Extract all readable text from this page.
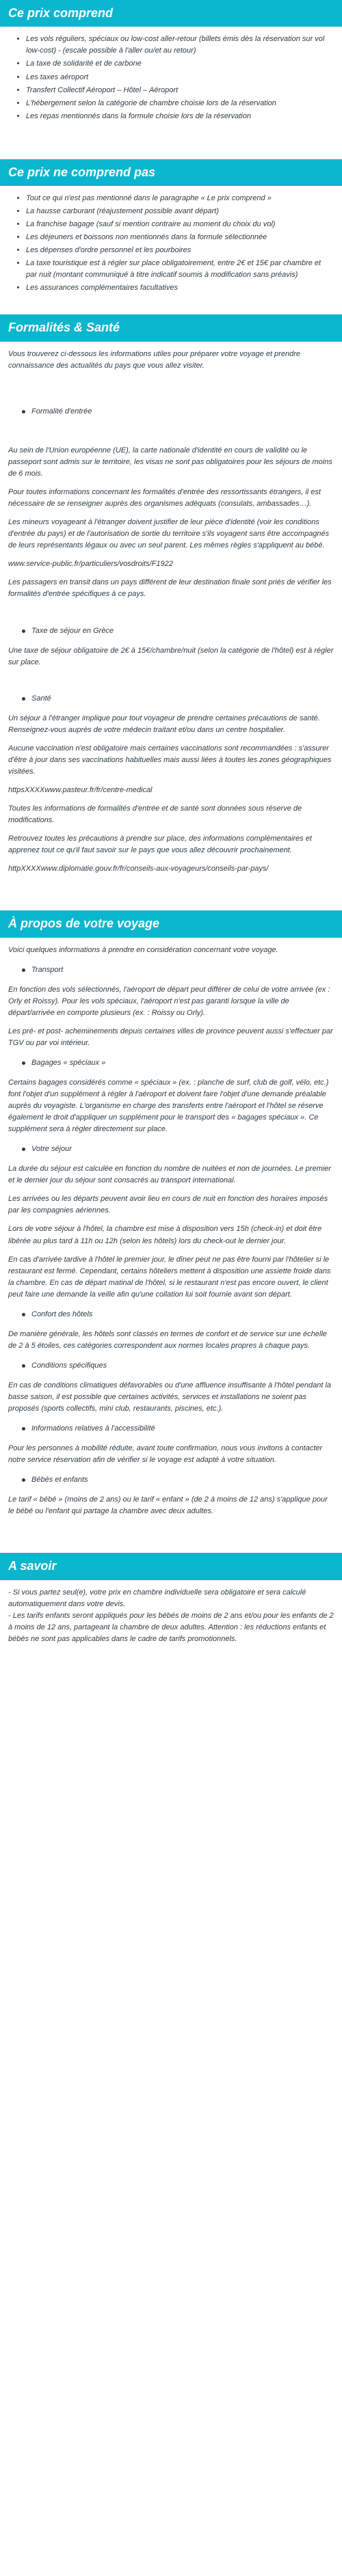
Ce prix comprend
• Les vols réguliers, spéciaux ou low-cost aller-retour (billets émis dès la réservation sur vol low-cost) - (escale possible à l'aller ou/et au retour)
• La taxe de solidarité et de carbone
• Les taxes aéroport
• Transfert Collectif Aéroport – Hôtel – Aéroport
• L'hébergement selon la catégorie de chambre choisie lors de la réservation
• Les repas mentionnés dans la formule choisie lors de la réservation
Ce prix ne comprend pas
• Tout ce qui n'est pas mentionné dans le paragraphe « Le prix comprend »
• La hausse carburant (réajustement possible avant départ)
• La franchise bagage (sauf si mention contraire au moment du choix du vol)
• Les déjeuners et boissons non mentionnés dans la formule sélectionnée
• Les dépenses d'ordre personnel et les pourboires
• La taxe touristique est à régler sur place obligatoirement, entre 2€ et 15€ par chambre et par nuit (montant communiqué à titre indicatif soumis à modification sans préavis)
• Les assurances complémentaires facultatives
Formalités & Santé

Vous trouverez ci-dessous les informations utiles pour préparer votre voyage et prendre connaissance des actualités du pays que vous allez visiter.

Formalité d'entrée

Au sein de l'Union européenne (UE), la carte nationale d'identité en cours de validité ou le passeport sont admis sur le territoire, les visas ne sont pas obligatoires pour les séjours de moins de 6 mois.

Pour toutes informations concernant les formalités d'entrée des ressortissants étrangers, il est nécessaire de se renseigner auprès des organismes adéquats (consulats, ambassades…).

Les mineurs voyageant à l'étranger doivent justifier de leur pièce d'identité (voir les conditions d'entrée du pays) et de l'autorisation de sortie du territoire s'ils voyagent sans être accompagnés de leurs représentants légaux ou avec un seul parent. Les mêmes règles s'appliquent au bébé.

www.service-public.fr/particuliers/vosdroits/F1922

Les passagers en transit dans un pays différent de leur destination finale sont priés de vérifier les formalités d'entrée spécifiques à ce pays.

Taxe de séjour en Grèce

Une taxe de séjour obligatoire de 2€ à 15€/chambre/nuit (selon la catégorie de l'hôtel) est à régler sur place.

Santé

Un séjour à l'étranger implique pour tout voyageur de prendre certaines précautions de santé. Renseignez-vous auprès de votre médecin traitant et/ou dans un centre hospitalier.

Aucune vaccination n'est obligatoire mais certaines vaccinations sont recommandées : s'assurer d'être à jour dans ses vaccinations habituelles mais aussi liées à toutes les zones géographiques visitées.

httpsXXXXwww.pasteur.fr/fr/centre-medical

Toutes les informations de formalités d'entrée et de santé sont données sous réserve de modifications.

Retrouvez toutes les précautions à prendre sur place, des informations complémentaires et apprenez tout ce qu'il faut savoir sur le pays que vous allez découvrir prochainement.

httpXXXXwww.diplomatie.gouv.fr/fr/conseils-aux-voyageurs/conseils-par-pays/

À propos de votre voyage

Voici quelques informations à prendre en considération concernant votre voyage.

Transport

En fonction des vols sélectionnés, l'aéroport de départ peut différer de celui de votre arrivée (ex : Orly et Roissy). Pour les vols spéciaux, l'aéroport n'est pas garanti lorsque la ville de départ/arrivée en comporte plusieurs (ex. : Roissy ou Orly).

Les pré- et post- acheminements depuis certaines villes de province peuvent aussi s'effectuer par TGV ou par voi intérieur.

Bagages « spéciaux »

Certains bagages considérés comme « spéciaux » (ex. : planche de surf, club de golf, vélo, etc.) font l'objet d'un supplément à régler à l'aéroport et doivent faire l'objet d'une demande préalable auprès du voyagiste. L'organisme en charge des transferts entre l'aéroport et l'hôtel se réserve également le droit d'appliquer un supplément pour le transport des « bagages spéciaux ». Ce supplément sera à régler directement sur place.

Votre séjour

La durée du séjour est calculée en fonction du nombre de nuitées et non de journées. Le premier et le dernier jour du séjour sont consacrés au transport international.

Les arrivées ou les départs peuvent avoir lieu en cours de nuit en fonction des horaires imposés par les compagnies aériennes.

Lors de votre séjour à l'hôtel, la chambre est mise à disposition vers 15h (check-in) et doit être libérée au plus tard à 11h ou 12h (selon les hôtels) lors du check-out le dernier jour.

En cas d'arrivée tardive à l'hôtel le premier jour, le dîner peut ne pas être fourni par l'hôtelier si le restaurant est fermé. Cependant, certains hôteliers mettent à disposition une assiette froide dans la chambre. En cas de départ matinal de l'hôtel, si le restaurant n'est pas encore ouvert, le client peut faire une demande la veille afin qu'une collation lui soit fournie avant son départ.

Confort des hôtels

De manière générale, les hôtels sont classés en termes de confort et de service sur une échelle de 2 à 5 étoiles, ces catégories correspondent aux normes locales propres à chaque pays.

Conditions spécifiques

En cas de conditions climatiques défavorables ou d'une affluence insuffisante à l'hôtel pendant la basse saison, il est possible que certaines activités, services et installations ne soient pas proposés (sports collectifs, mini club, restaurants, piscines, etc.).

Informations relatives à l'accessibilité

Pour les personnes à mobilité réduite, avant toute confirmation, nous vous invitons à contacter notre service réservation afin de vérifier si le voyage est adapté à votre situation.

Bébés et enfants

Le tarif « bébé » (moins de 2 ans) ou le tarif « enfant » (de 2 à moins de 12 ans) s'applique pour le bébé ou l'enfant qui partage la chambre avec deux adultes.

A savoir
- Si vous partez seul(e), votre prix en chambre individuelle sera obligatoire et sera calculé automatiquement dans votre devis.
- Les tarifs enfants seront appliqués pour les bébés de moins de 2 ans et/ou pour les enfants de 2 à moins de 12 ans, partageant la chambre de deux adultes. Attention : les réductions enfants et bébés ne sont pas applicables dans le cadre de tarifs promotionnels.
